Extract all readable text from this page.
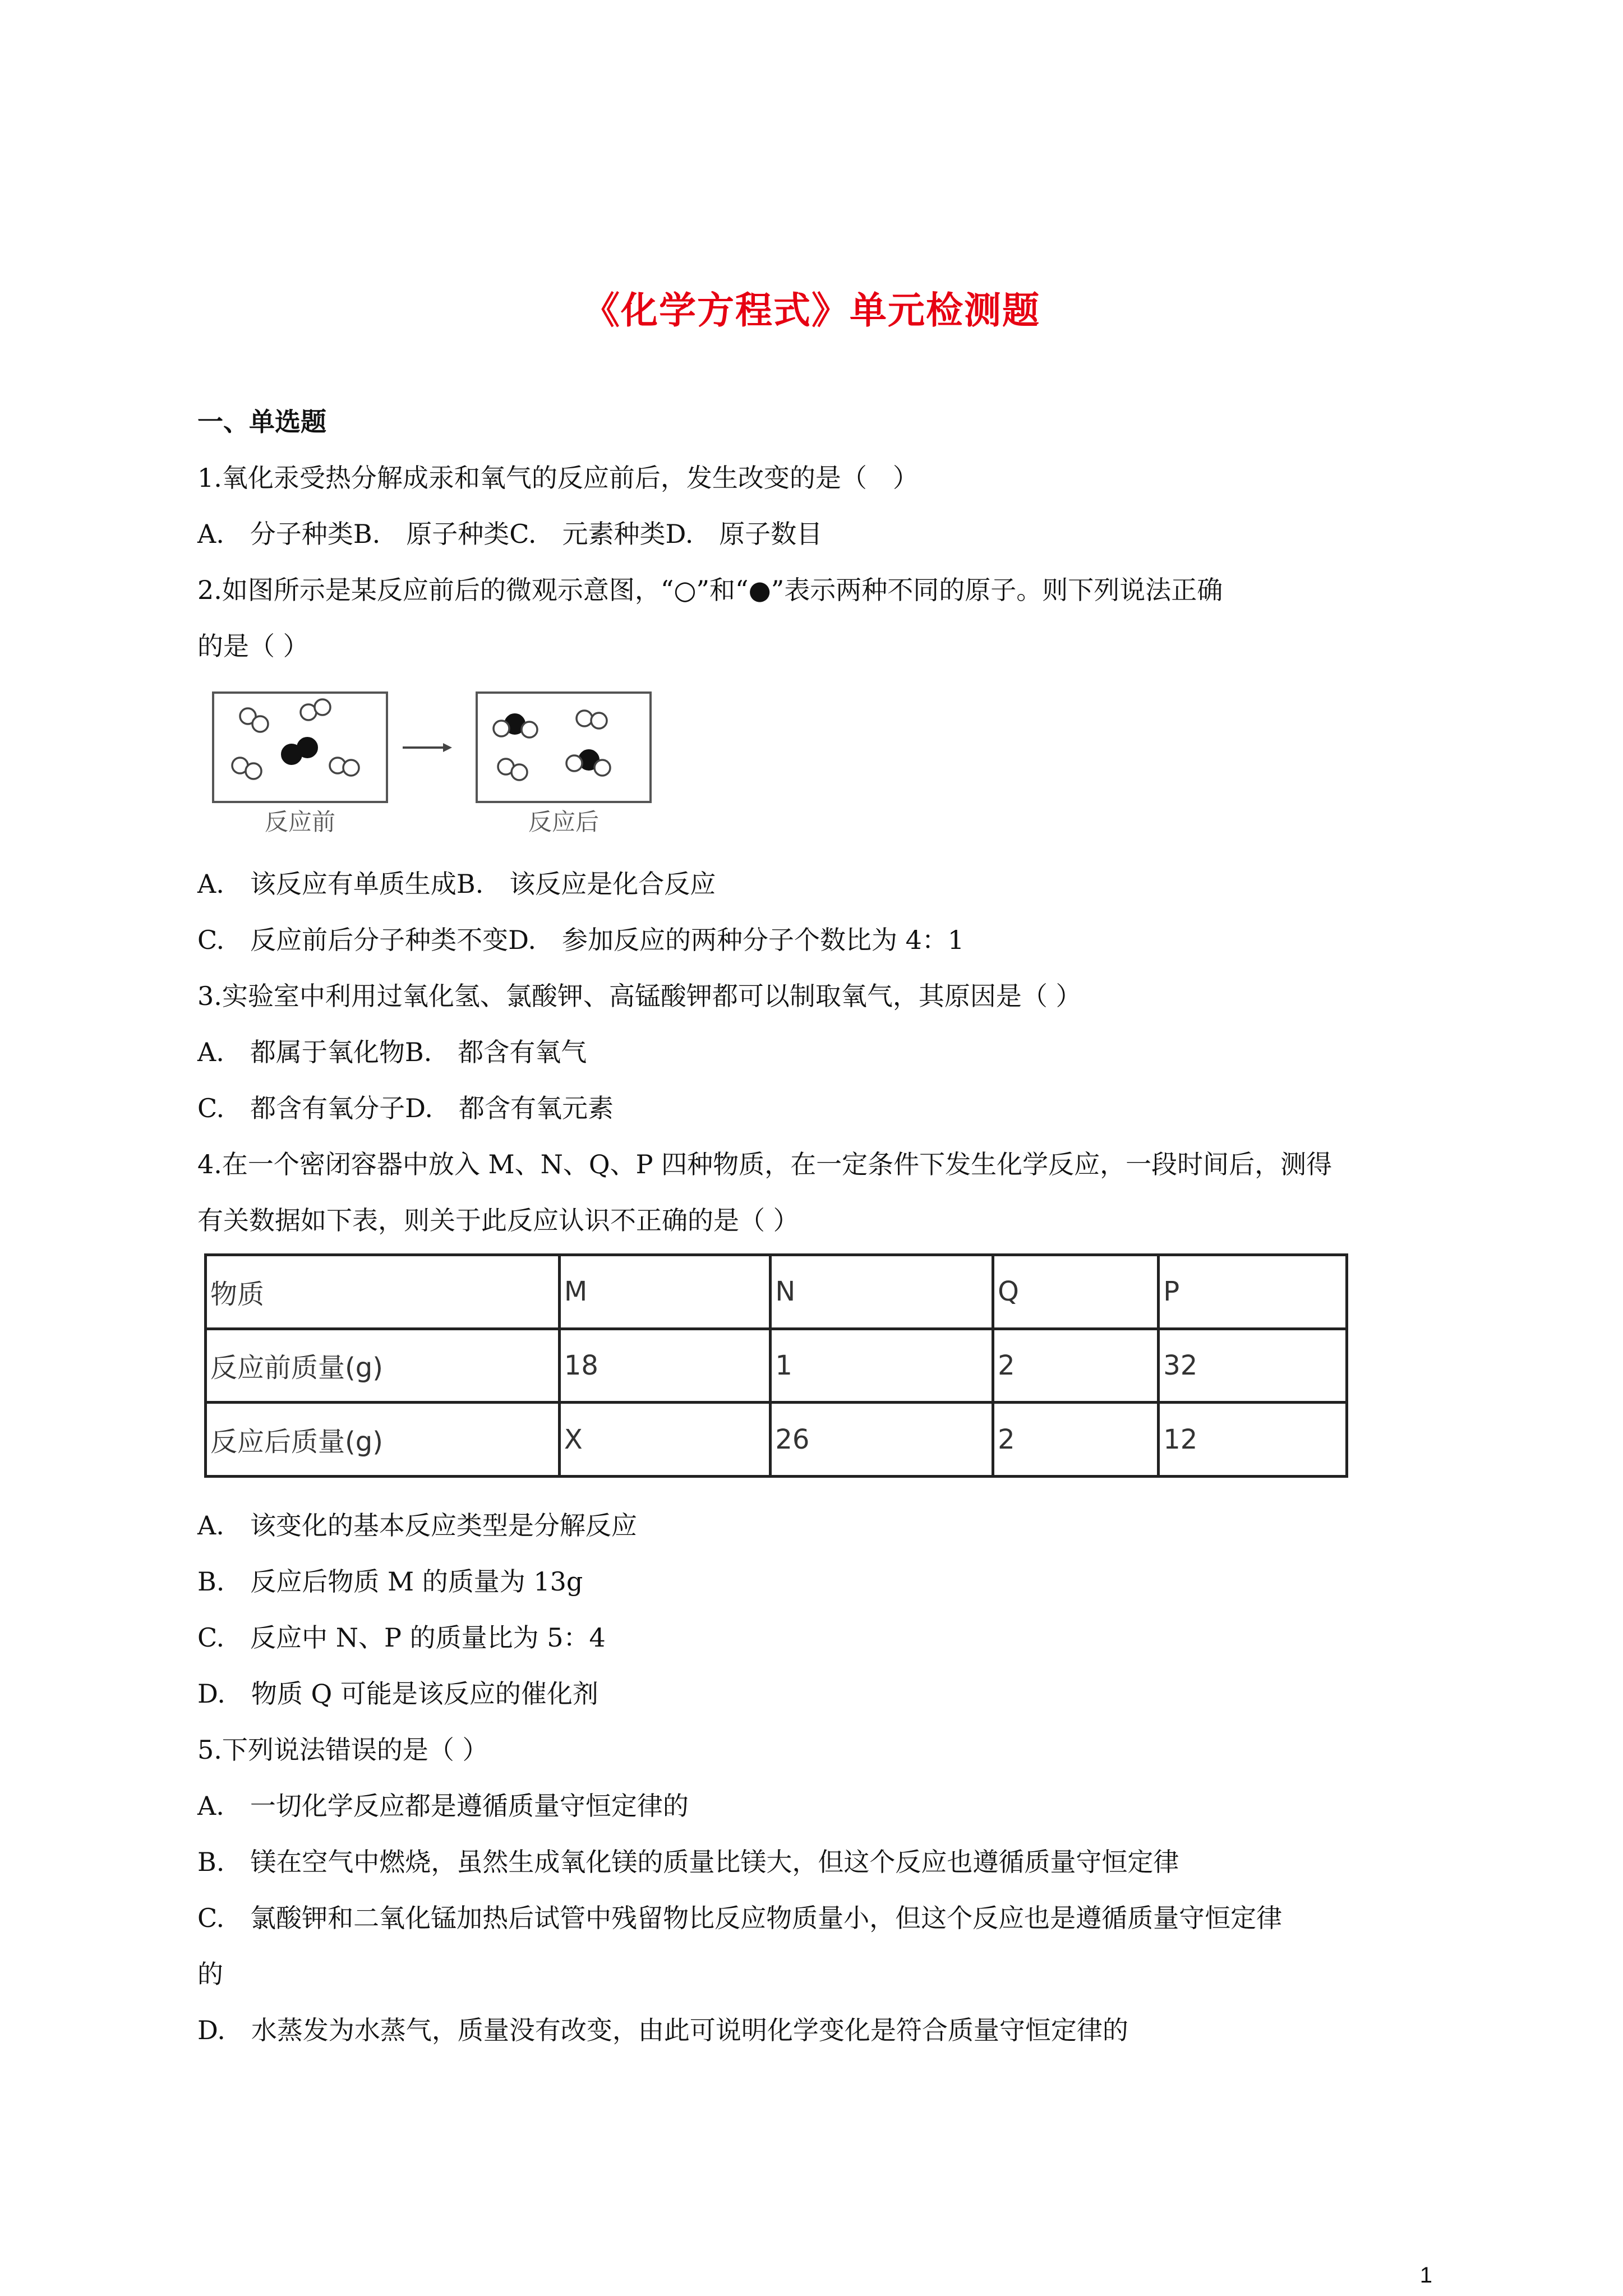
《化学方程式》单元检测题
一、单选题
1.氧化汞受热分解成汞和氧气的反应前后，发生改变的是（　）
A.　分子种类B.　原子种类C.　元素种类D.　原子数目
2.如图所示是某反应前后的微观示意图，“○”和“●”表示两种不同的原子。则下列说法正确
的是（ ）
反应前	反应后
A.　该反应有单质生成B.　该反应是化合反应
C.　反应前后分子种类不变D.　参加反应的两种分子个数比为 4：1
3.实验室中利用过氧化氢、氯酸钾、高锰酸钾都可以制取氧气，其原因是（ ）
A.　都属于氧化物B.　都含有氧气
C.　都含有氧分子D.　都含有氧元素
4.在一个密闭容器中放入 M、N、Q、P 四种物质，在一定条件下发生化学反应，一段时间后，测得
有关数据如下表，则关于此反应认识不正确的是（ ）
物质	M	N	Q	P
反应前质量(g)	18	1	2	32
反应后质量(g)	X	26	2	12
A.　该变化的基本反应类型是分解反应
B.　反应后物质 M 的质量为 13g
C.　反应中 N、P 的质量比为 5：4
D.　物质 Q 可能是该反应的催化剂
5.下列说法错误的是（ ）
A.　一切化学反应都是遵循质量守恒定律的
B.　镁在空气中燃烧，虽然生成氧化镁的质量比镁大，但这个反应也遵循质量守恒定律
C.　氯酸钾和二氧化锰加热后试管中残留物比反应物质量小，但这个反应也是遵循质量守恒定律
的
D.　水蒸发为水蒸气，质量没有改变，由此可说明化学变化是符合质量守恒定律的
1
